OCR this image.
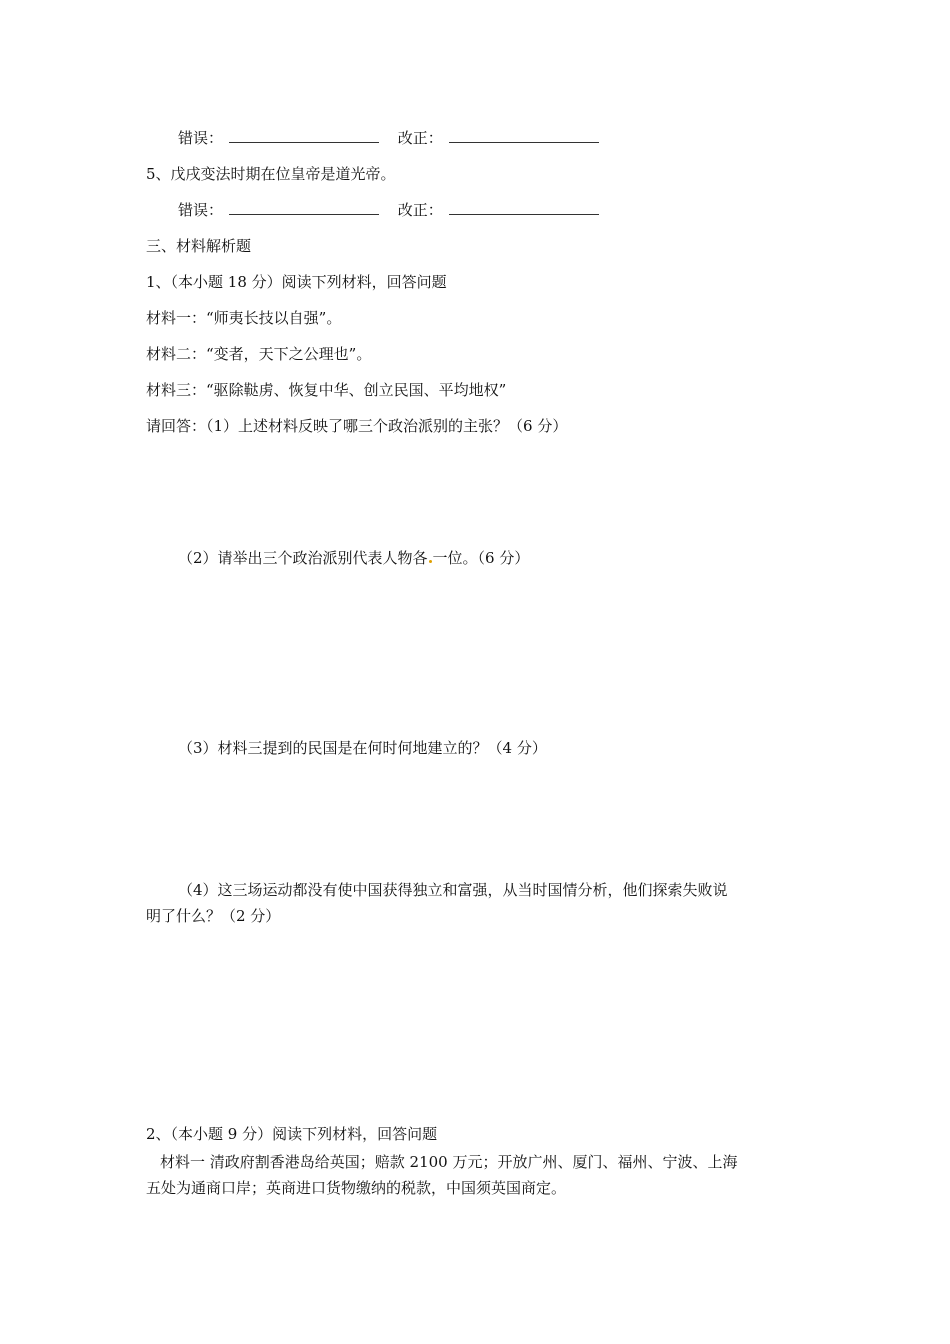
错误：	改正：
5、戊戌变法时期在位皇帝是道光帝。
错误：	改正：
三、材料解析题
1、（本小题 18 分）阅读下列材料，回答问题
材料一：“师夷长技以自强”。
材料二：“变者，天下之公理也”。
材料三：“驱除鞑虏、恢复中华、创立民国、平均地权”
请回答：（1）上述材料反映了哪三个政治派别的主张？（6 分）
（2）请举出三个政治派别代表人物各 一位。（6 分）
（3）材料三提到的民国是在何时何地建立的？（4 分）
（4）这三场运动都没有使中国获得独立和富强，从当时国情分析，他们探索失败说
明了什么？（2 分）
2、（本小题 9 分）阅读下列材料，回答问题
材料一 清政府割香港岛给英国；赔款 2100 万元；开放广州、厦门、福州、宁波、上海
五处为通商口岸；英商进口货物缴纳的税款，中国须英国商定。
